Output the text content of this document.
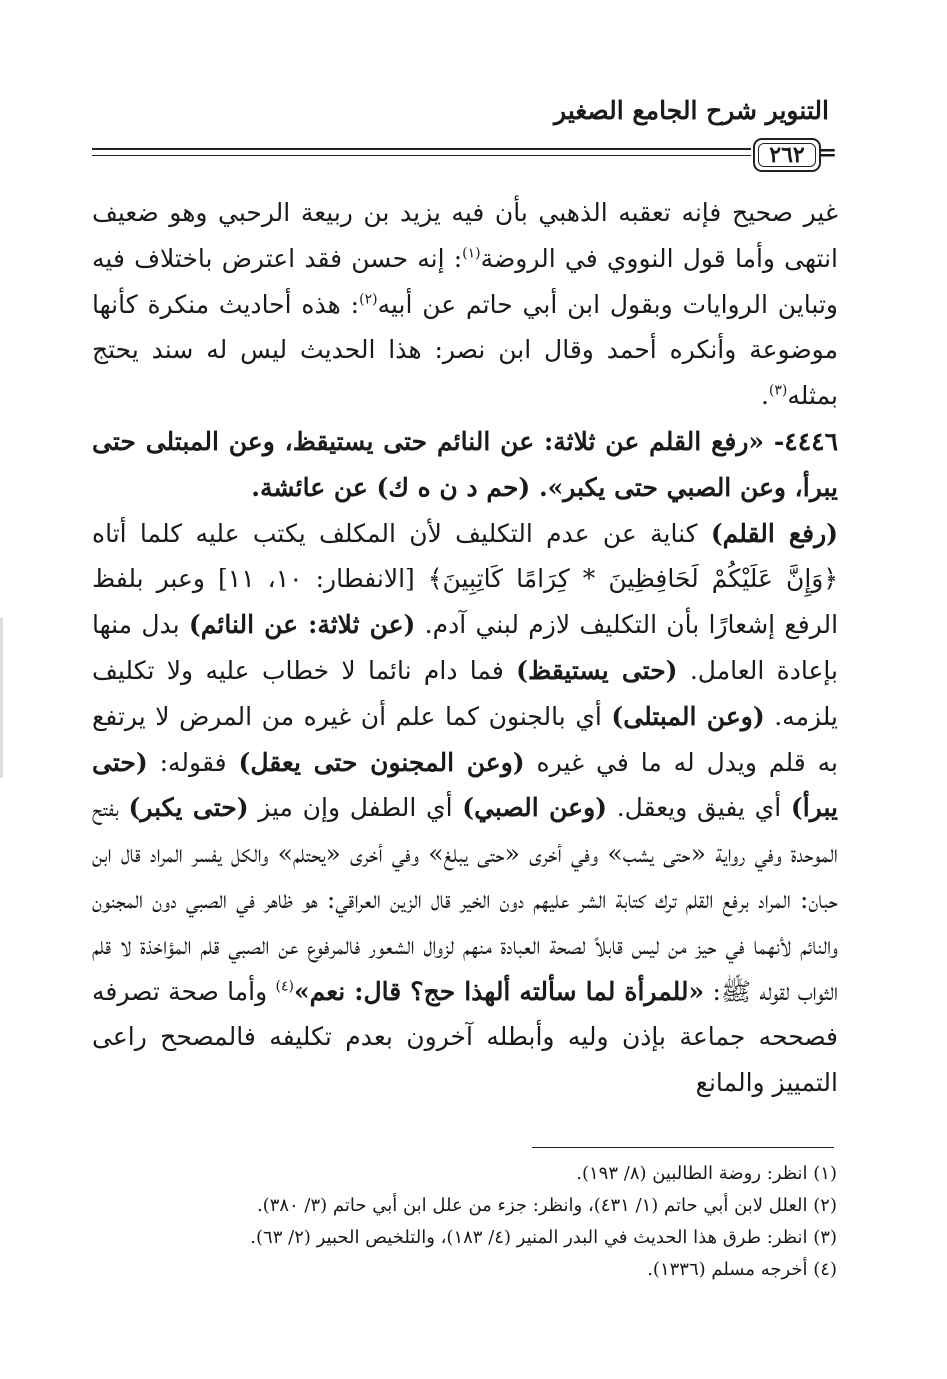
التنوير شرح الجامع الصغير
٢٦٢ =

غير صحيح فإنه تعقبه الذهبي بأن فيه يزيد بن ربيعة الرحبي وهو ضعيف انتهى وأما قول النووي في الروضة$^{(١)}$: إنه حسن فقد اعترض باختلاف فيه وتباين الروايات وبقول ابن أبي حاتم عن أبيه$^{(٢)}$: هذه أحاديث منكرة كأنها موضوعة وأنكره أحمد وقال ابن نصر: هذا الحديث ليس له سند يحتج بمثله$^{(٣)}$.

٤٤٤٦- «رفع القلم عن ثلاثة: عن النائم حتى يستيقظ، وعن المبتلى حتى يبرأ، وعن الصبي حتى يكبر». (حم د ن ه ك) عن عائشة.

(رفع القلم) كناية عن عدم التكليف لأن المكلف يكتب عليه كلما أتاه ﴿وَإِنَّ عَلَيْكُمْ لَحَافِظِينَ * كِرَامًا كَاتِبِينَ﴾ [الانفطار: ١٠، ١١] وعبر بلفظ الرفع إشعارًا بأن التكليف لازم لبني آدم. (عن ثلاثة: عن النائم) بدل منها بإعادة العامل. (حتى يستيقظ) فما دام نائما لا خطاب عليه ولا تكليف يلزمه. (وعن المبتلى) أي بالجنون كما علم أن غيره من المرض لا يرتفع به قلم ويدل له ما في غيره (وعن المجنون حتى يعقل) فقوله: (حتى يبرأ) أي يفيق ويعقل. (وعن الصبي) أي الطفل وإن ميز (حتى يكبر) بفتح الموحدة وفي رواية «حتى يشب» وفي أخرى «حتى يبلغ» وفي أخرى «يحتلم» والكل يفسر المراد قال ابن حبان: المراد برفع القلم ترك كتابة الشر عليهم دون الخير قال الزين العراقي: هو ظاهر في الصبي دون المجنون والنائم لأنهما في حيز من ليس قابلاً لصحة العبادة منهم لزوال الشعور فالمرفوع عن الصبي قلم المؤاخذة لا قلم الثواب لقوله ﷺ: «للمرأة لما سألته ألهذا حج؟ قال: نعم»$^{(٤)}$ وأما صحة تصرفه فصححه جماعة بإذن وليه وأبطله آخرون بعدم تكليفه فالمصحح راعى التمييز والمانع

(١) انظر: روضة الطالبين (٨/ ١٩٣).
(٢) العلل لابن أبي حاتم (١/ ٤٣١)، وانظر: جزء من علل ابن أبي حاتم (٣/ ٣٨٠).
(٣) انظر: طرق هذا الحديث في البدر المنير (٤/ ١٨٣)، والتلخيص الحبير (٢/ ٦٣).
(٤) أخرجه مسلم (١٣٣٦).
